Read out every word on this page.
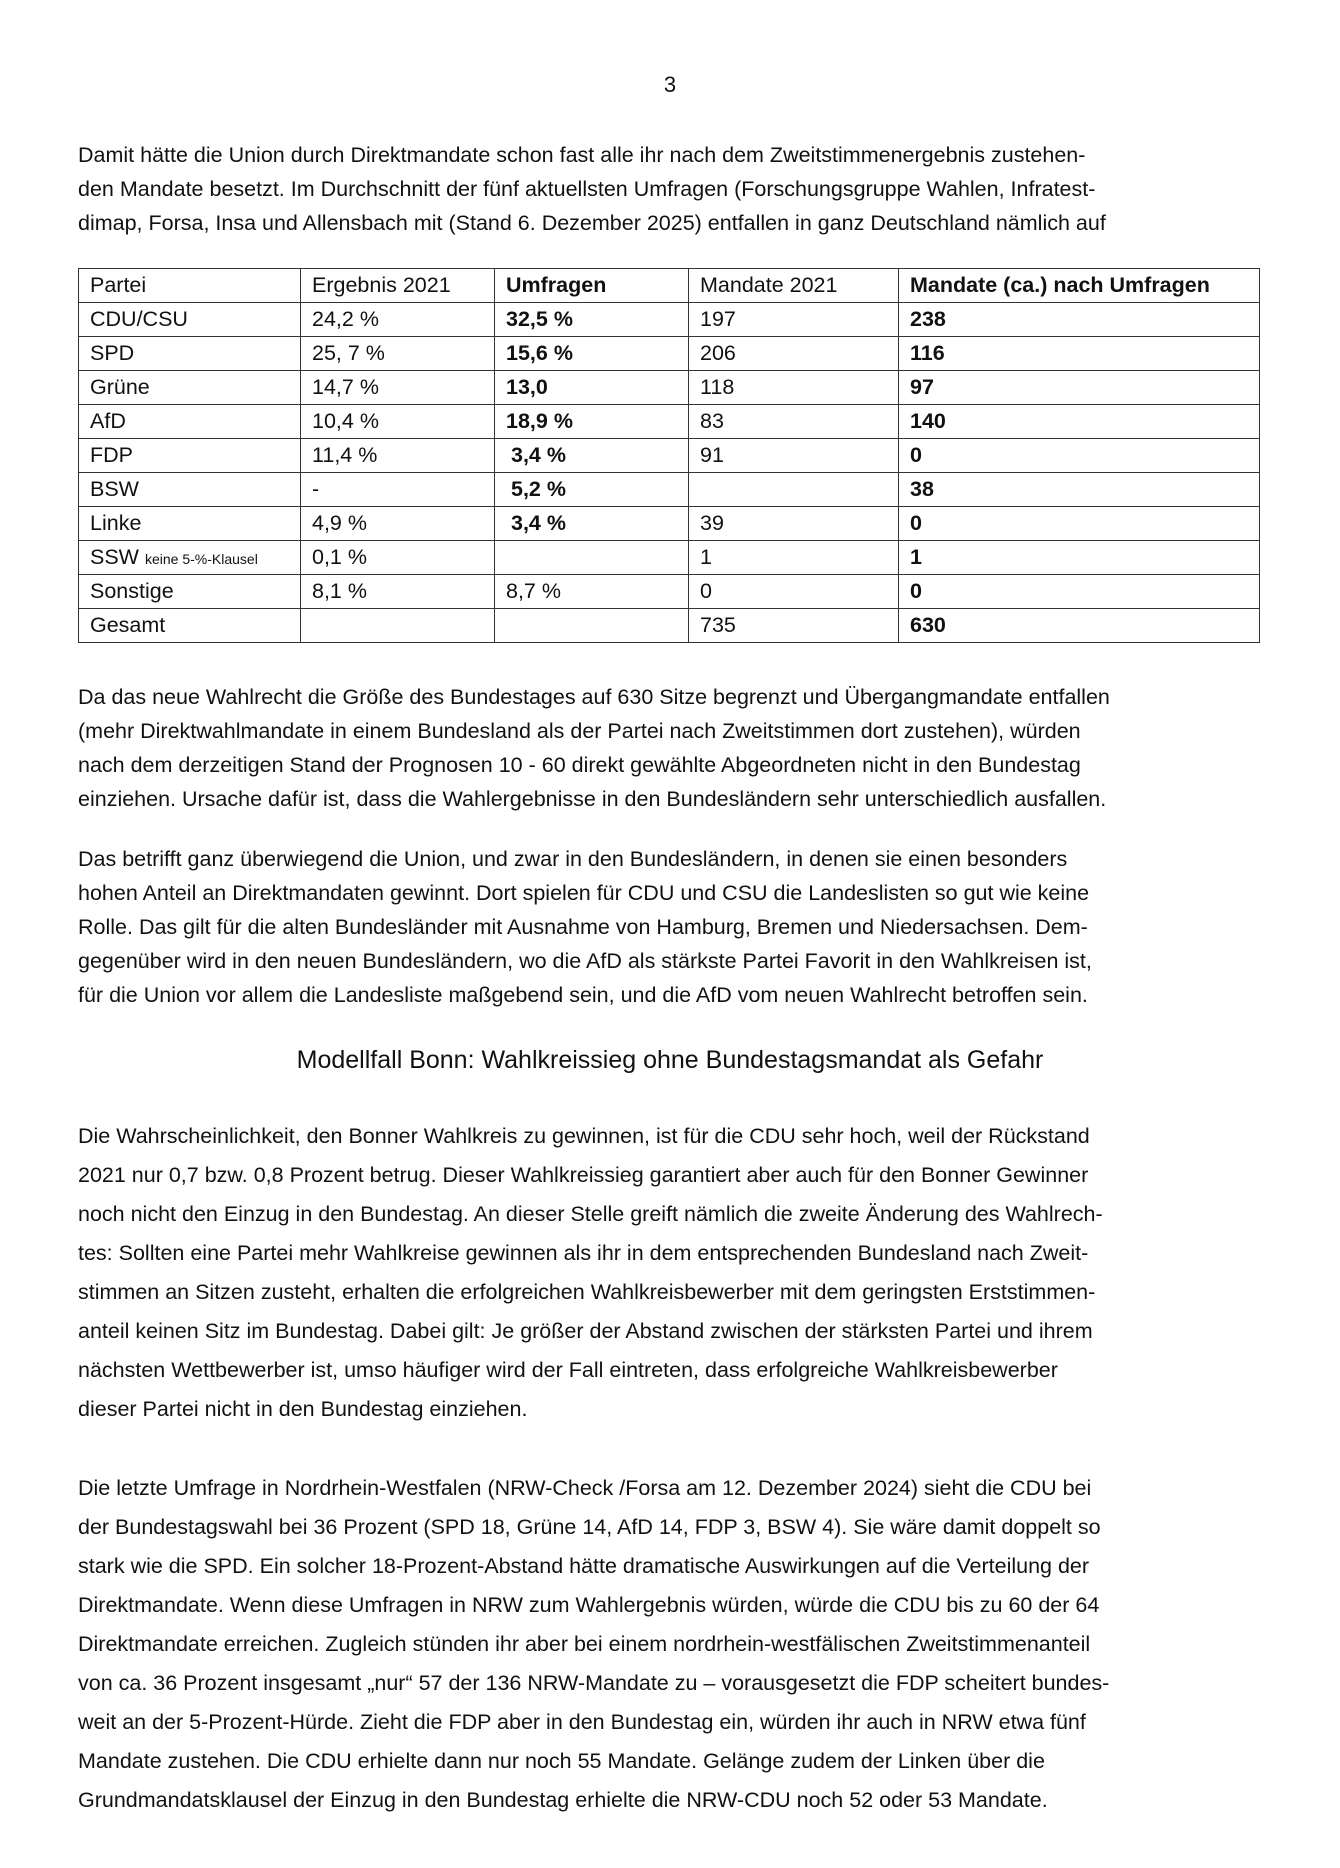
3

Damit hätte die Union durch Direktmandate schon fast alle ihr nach dem Zweitstimmenergebnis zustehen-
den Mandate besetzt. Im Durchschnitt der fünf aktuellsten Umfragen (Forschungsgruppe Wahlen, Infratest-
dimap, Forsa, Insa und Allensbach mit (Stand 6. Dezember 2025) entfallen in ganz Deutschland nämlich auf

Partei	Ergebnis 2021	Umfragen	Mandate 2021	Mandate (ca.) nach Umfragen
CDU/CSU	24,2 %	32,5 %	197	238
SPD	25, 7 %	15,6 %	206	116
Grüne	14,7 %	13,0	118	97
AfD	10,4 %	18,9 %	83	140
FDP	11,4 %	3,4 %	91	0
BSW	-	5,2 %		38
Linke	4,9 %	3,4 %	39	0
SSW keine 5-%-Klausel	0,1 %		1	1
Sonstige	8,1 %	8,7 %	0	0
Gesamt			735	630

Da das neue Wahlrecht die Größe des Bundestages auf 630 Sitze begrenzt und Übergangmandate entfallen
(mehr Direktwahlmandate in einem Bundesland als der Partei nach Zweitstimmen dort zustehen), würden
nach dem derzeitigen Stand der Prognosen 10 - 60 direkt gewählte Abgeordneten nicht in den Bundestag
einziehen. Ursache dafür ist, dass die Wahlergebnisse in den Bundesländern sehr unterschiedlich ausfallen.

Das betrifft ganz überwiegend die Union, und zwar in den Bundesländern, in denen sie einen besonders
hohen Anteil an Direktmandaten gewinnt. Dort spielen für CDU und CSU die Landeslisten so gut wie keine
Rolle. Das gilt für die alten Bundesländer mit Ausnahme von Hamburg, Bremen und Niedersachsen. Dem-
gegenüber wird in den neuen Bundesländern, wo die AfD als stärkste Partei Favorit in den Wahlkreisen ist,
für die Union vor allem die Landesliste maßgebend sein, und die AfD vom neuen Wahlrecht betroffen sein.

Modellfall Bonn: Wahlkreissieg ohne Bundestagsmandat als Gefahr

Die Wahrscheinlichkeit, den Bonner Wahlkreis zu gewinnen, ist für die CDU sehr hoch, weil der Rückstand
2021 nur 0,7 bzw. 0,8 Prozent betrug. Dieser Wahlkreissieg garantiert aber auch für den Bonner Gewinner
noch nicht den Einzug in den Bundestag. An dieser Stelle greift nämlich die zweite Änderung des Wahlrech-
tes: Sollten eine Partei mehr Wahlkreise gewinnen als ihr in dem entsprechenden Bundesland nach Zweit-
stimmen an Sitzen zusteht, erhalten die erfolgreichen Wahlkreisbewerber mit dem geringsten Erststimmen-
anteil keinen Sitz im Bundestag. Dabei gilt: Je größer der Abstand zwischen der stärksten Partei und ihrem
nächsten Wettbewerber ist, umso häufiger wird der Fall eintreten, dass erfolgreiche Wahlkreisbewerber
dieser Partei nicht in den Bundestag einziehen.

Die letzte Umfrage in Nordrhein-Westfalen (NRW-Check /Forsa am 12. Dezember 2024) sieht die CDU bei
der Bundestagswahl bei 36 Prozent (SPD 18, Grüne 14, AfD 14, FDP 3, BSW 4). Sie wäre damit doppelt so
stark wie die SPD. Ein solcher 18-Prozent-Abstand hätte dramatische Auswirkungen auf die Verteilung der
Direktmandate. Wenn diese Umfragen in NRW zum Wahlergebnis würden, würde die CDU bis zu 60 der 64
Direktmandate erreichen. Zugleich stünden ihr aber bei einem nordrhein-westfälischen Zweitstimmenanteil
von ca. 36 Prozent insgesamt „nur“ 57 der 136 NRW-Mandate zu – vorausgesetzt die FDP scheitert bundes-
weit an der 5-Prozent-Hürde. Zieht die FDP aber in den Bundestag ein, würden ihr auch in NRW etwa fünf
Mandate zustehen. Die CDU erhielte dann nur noch 55 Mandate. Gelänge zudem der Linken über die
Grundmandatsklausel der Einzug in den Bundestag erhielte die NRW-CDU noch 52 oder 53 Mandate.
